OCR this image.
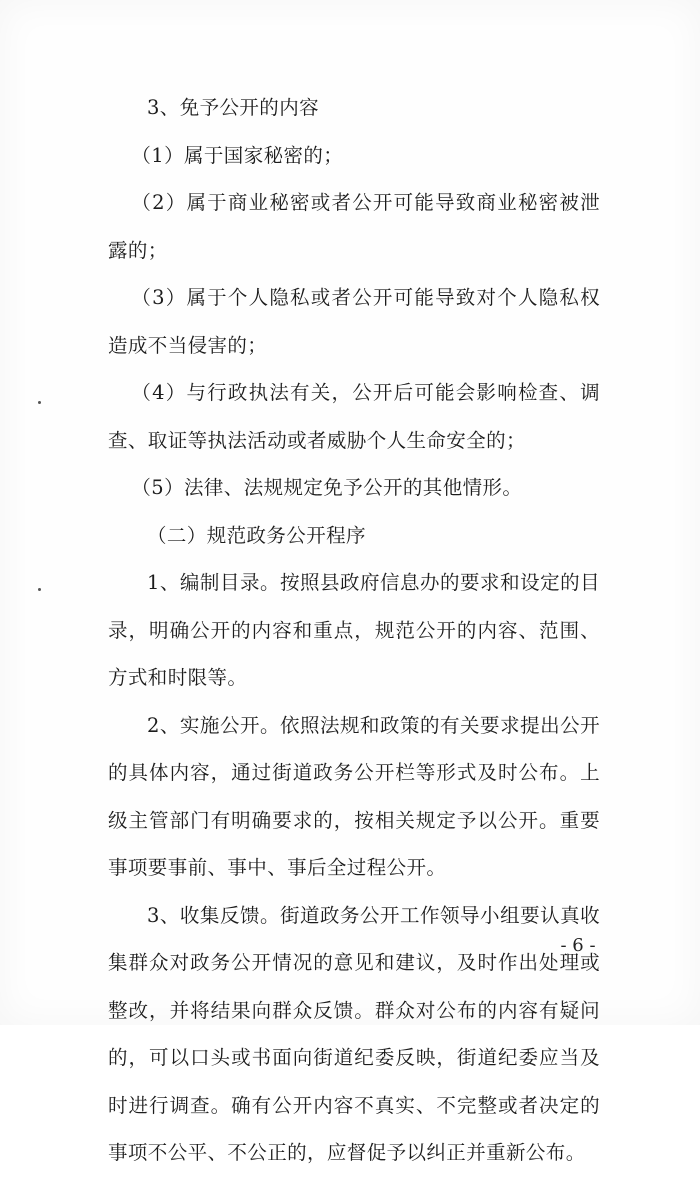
3、免予公开的内容

（1）属于国家秘密的；

（2）属于商业秘密或者公开可能导致商业秘密被泄露的；

（3）属于个人隐私或者公开可能导致对个人隐私权造成不当侵害的；

（4）与行政执法有关，公开后可能会影响检查、调查、取证等执法活动或者威胁个人生命安全的；

（5）法律、法规规定免予公开的其他情形。

（二）规范政务公开程序

1、编制目录。按照县政府信息办的要求和设定的目录，明确公开的内容和重点，规范公开的内容、范围、方式和时限等。

2、实施公开。依照法规和政策的有关要求提出公开的具体内容，通过街道政务公开栏等形式及时公布。上级主管部门有明确要求的，按相关规定予以公开。重要事项要事前、事中、事后全过程公开。

3、收集反馈。街道政务公开工作领导小组要认真收集群众对政务公开情况的意见和建议，及时作出处理或整改，并将结果向群众反馈。群众对公布的内容有疑问的，可以口头或书面向街道纪委反映，街道纪委应当及时进行调查。确有公开内容不真实、不完整或者决定的事项不公平、不公正的，应督促予以纠正并重新公布。

- 6 -
